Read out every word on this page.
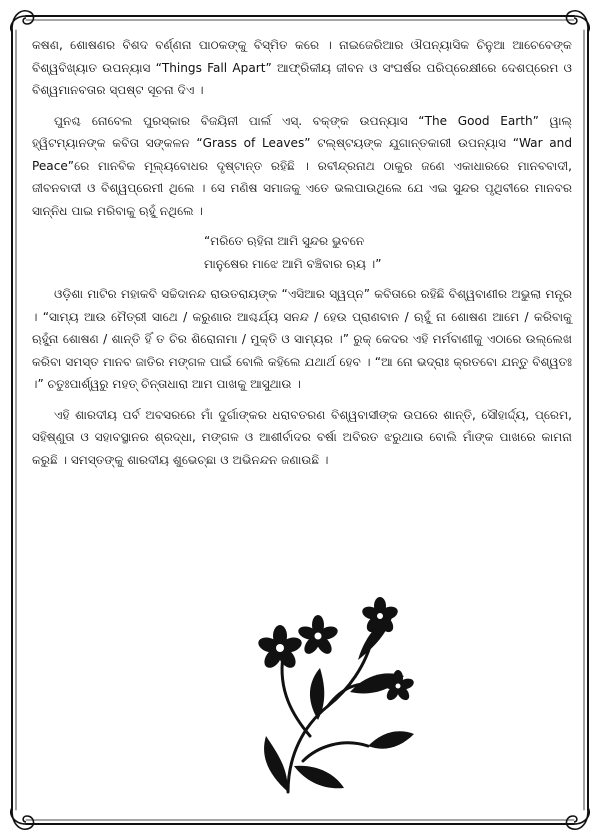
କଷଣ, ଶୋଷଣର ବିଶଦ ବର୍ଣ୍ଣନା ପାଠକଙ୍କୁ ବିସ୍ମିତ କରେ । ନାଇଜେରିଆର ଔପନ୍ୟାସିକ ଚିନୁଆ ଆଚେବେଙ୍କ ବିଶ୍ୱବିଖ୍ୟାତ ଉପନ୍ୟାସ “Things Fall Apart” ଆଫ୍ରିକୀୟ ଜୀବନ ଓ ସଂଘର୍ଷର ପରିପ୍ରେକ୍ଷୀରେ ଦେଶପ୍ରେମ ଓ ବିଶ୍ୱମାନବତାର ସ୍ପଷ୍ଟ ସୂଚନା ଦିଏ ।

ପୁନଶ୍ଚ ନୋବେଲ ପୁରସ୍କାର ବିଜୟିନୀ ପାର୍ଲ ଏସ୍. ବକ୍‌ଙ୍କ ଉପନ୍ୟାସ “The Good Earth” ୱାଲ୍ ହ୍ୱିଟମ୍ୟାନଙ୍କ କବିତା ସଙ୍କଳନ “Grass of Leaves” ଟଲ୍‌ଷ୍ଟୟଙ୍କ ଯୁଗାନ୍ତକାରୀ ଉପନ୍ୟାସ “War and Peace”ରେ ମାନବିକ ମୂଲ୍ୟବୋଧର ଦୃଷ୍ଟାନ୍ତ ରହିଛି । ରବୀନ୍ଦ୍ରନାଥ ଠାକୁର ଜଣେ ଏକାଧାରରେ ମାନବବାଦୀ, ଜୀବନବାଦୀ ଓ ବିଶ୍ୱପ୍ରେମୀ ଥିଲେ । ସେ ମଣିଷ ସମାଜକୁ ଏତେ ଭଲପାଉଥିଲେ ଯେ ଏଇ ସୁନ୍ଦର ପୃଥିବୀରେ ମାନବର ସାନ୍ନିଧ ପାଇ ମରିବାକୁ ଋହୁଁ ନଥିଲେ ।

“ମରିତେ ଋହିନା ଆମି ସୁନ୍ଦର ଭୁବନେ
ମାନୁଷେର ମାଝେ ଆମି ବଞ୍ଚିବାର ଋୟ ।”

ଓଡ଼ିଶା ମାଟିର ମହାକବି ସଚ୍ଚିଦାନନ୍ଦ ରାଉତରାୟଙ୍କ “ଏସିଆର ସ୍ୱପ୍ନ” କବିତାରେ ରହିଛି ବିଶ୍ୱବାଣୀର ଅଭୁଲା ମନ୍ତ୍ର । “ସାମ୍ୟ ଆଉ ମୈତ୍ରୀ ସାଥେ / କରୁଣାର ଆଶ୍ଚର୍ଯ୍ୟ ସନନ୍ଦ / ହେଉ ପ୍ରାଣବାନ / ଋହୁଁ ନା ଶୋଷଣ ଆମେ / କରିବାକୁ ଋହୁଁନା ଶୋଷଣ / ଶାନ୍ତି ହିଁ ତ ଚିର ଶିରୋନାମା / ମୁକ୍ତି ଓ ସାମ୍ୟର ।” ରୁକ୍ କେଦର ଏହି ମର୍ମବାଣୀକୁ ଏଠାରେ ଉଲ୍ଲେଖ କରିବା ସମସ୍ତ ମାନବ ଜାତିର ମଙ୍ଗଳ ପାଇଁ ବୋଲି କହିଲେ ଯଥାର୍ଥ ହେବ । “ଆ ନୋ ଭଦ୍ରାଃ କ୍ରତବୋ ଯନ୍ତୁ ବିଶ୍ୱତଃ ।” ଚତୁଃପାର୍ଶ୍ୱରୁ ମହତ୍ ଚିନ୍ତାଧାରା ଆମ ପାଖକୁ ଆସୁଥାଉ ।

ଏହି ଶାରଦୀୟ ପର୍ବ ଅବସରରେ ମାଁ ଦୁର୍ଗାଙ୍କର ଧରାବତରଣ ବିଶ୍ୱବାସୀଙ୍କ ଉପରେ ଶାନ୍ତି, ସୌହାର୍ଦ୍ଦ୍ୟ, ପ୍ରେମ, ସହିଷ୍ଣୁତା ଓ ସହାବସ୍ଥାନର ଶ୍ରଦ୍ଧା, ମଙ୍ଗଳ ଓ ଆଶୀର୍ବାଦର ବର୍ଷା ଅବିରତ ଝରୁଥାଉ ବୋଲି ମାଁଙ୍କ ପାଖରେ କାମନା କରୁଛି । ସମସ୍ତଙ୍କୁ ଶାରଦୀୟ ଶୁଭେଚ୍ଛା ଓ ଅଭିନନ୍ଦନ ଜଣାଉଛି ।
